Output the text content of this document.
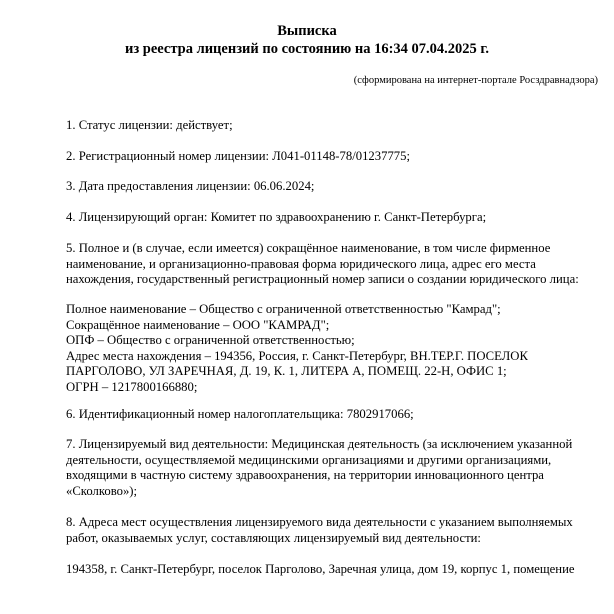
Выписка

из реестра лицензий по состоянию на 16:34 07.04.2025 г.

(сформирована на интернет-портале Росздравнадзора)

1. Статус лицензии: действует;

2. Регистрационный номер лицензии: Л041-01148-78/01237775;

3. Дата предоставления лицензии: 06.06.2024;

4. Лицензирующий орган: Комитет по здравоохранению г. Санкт-Петербурга;

5. Полное и (в случае, если имеется) сокращённое наименование, в том числе фирменное
наименование, и организационно-правовая форма юридического лица, адрес его места
нахождения, государственный регистрационный номер записи о создании юридического лица:
Полное наименование – Общество с ограниченной ответственностью "Камрад";
Сокращённое наименование – ООО "КАМРАД";
ОПФ – Общество с ограниченной ответственностью;
Адрес места нахождения – 194356, Россия, г. Санкт-Петербург, ВН.ТЕР.Г. ПОСЕЛОК
ПАРГОЛОВО, УЛ ЗАРЕЧНАЯ, Д. 19, К. 1, ЛИТЕРА А, ПОМЕЩ. 22-Н, ОФИС 1;
ОГРН – 1217800166880;

6. Идентификационный номер налогоплательщика: 7802917066;

7. Лицензируемый вид деятельности: Медицинская деятельность (за исключением указанной
деятельности, осуществляемой медицинскими организациями и другими организациями,
входящими в частную систему здравоохранения, на территории инновационного центра
«Сколково»);
8. Адреса мест осуществления лицензируемого вида деятельности с указанием выполняемых
работ, оказываемых услуг, составляющих лицензируемый вид деятельности:

194358, г. Санкт-Петербург, поселок Парголово, Заречная улица, дом 19, корпус 1, помещение
